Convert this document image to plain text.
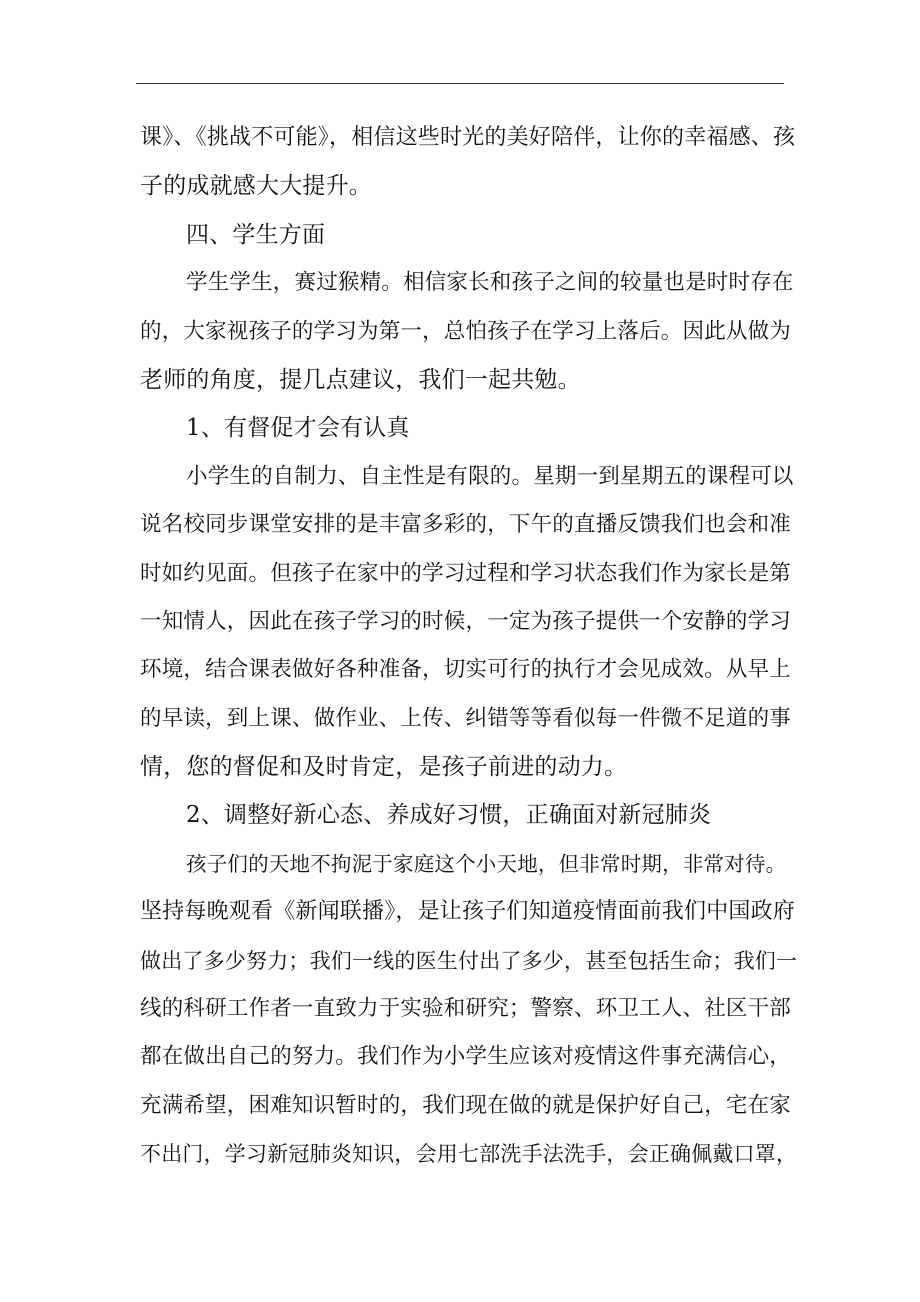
课》、《挑战不可能》，相信这些时光的美好陪伴，让你的幸福感、孩
子的成就感大大提升。
四、学生方面
学生学生，赛过猴精。相信家长和孩子之间的较量也是时时存在
的，大家视孩子的学习为第一，总怕孩子在学习上落后。因此从做为
老师的角度，提几点建议，我们一起共勉。
1、有督促才会有认真
小学生的自制力、自主性是有限的。星期一到星期五的课程可以
说名校同步课堂安排的是丰富多彩的，下午的直播反馈我们也会和准
时如约见面。但孩子在家中的学习过程和学习状态我们作为家长是第
一知情人，因此在孩子学习的时候，一定为孩子提供一个安静的学习
环境，结合课表做好各种准备，切实可行的执行才会见成效。从早上
的早读，到上课、做作业、上传、纠错等等看似每一件微不足道的事
情，您的督促和及时肯定，是孩子前进的动力。
2、调整好新心态、养成好习惯，正确面对新冠肺炎
孩子们的天地不拘泥于家庭这个小天地，但非常时期，非常对待。
坚持每晚观看《新闻联播》，是让孩子们知道疫情面前我们中国政府
做出了多少努力；我们一线的医生付出了多少，甚至包括生命；我们一
线的科研工作者一直致力于实验和研究；警察、环卫工人、社区干部
都在做出自己的努力。我们作为小学生应该对疫情这件事充满信心，
充满希望，困难知识暂时的，我们现在做的就是保护好自己，宅在家
不出门，学习新冠肺炎知识，会用七部洗手法洗手，会正确佩戴口罩，
